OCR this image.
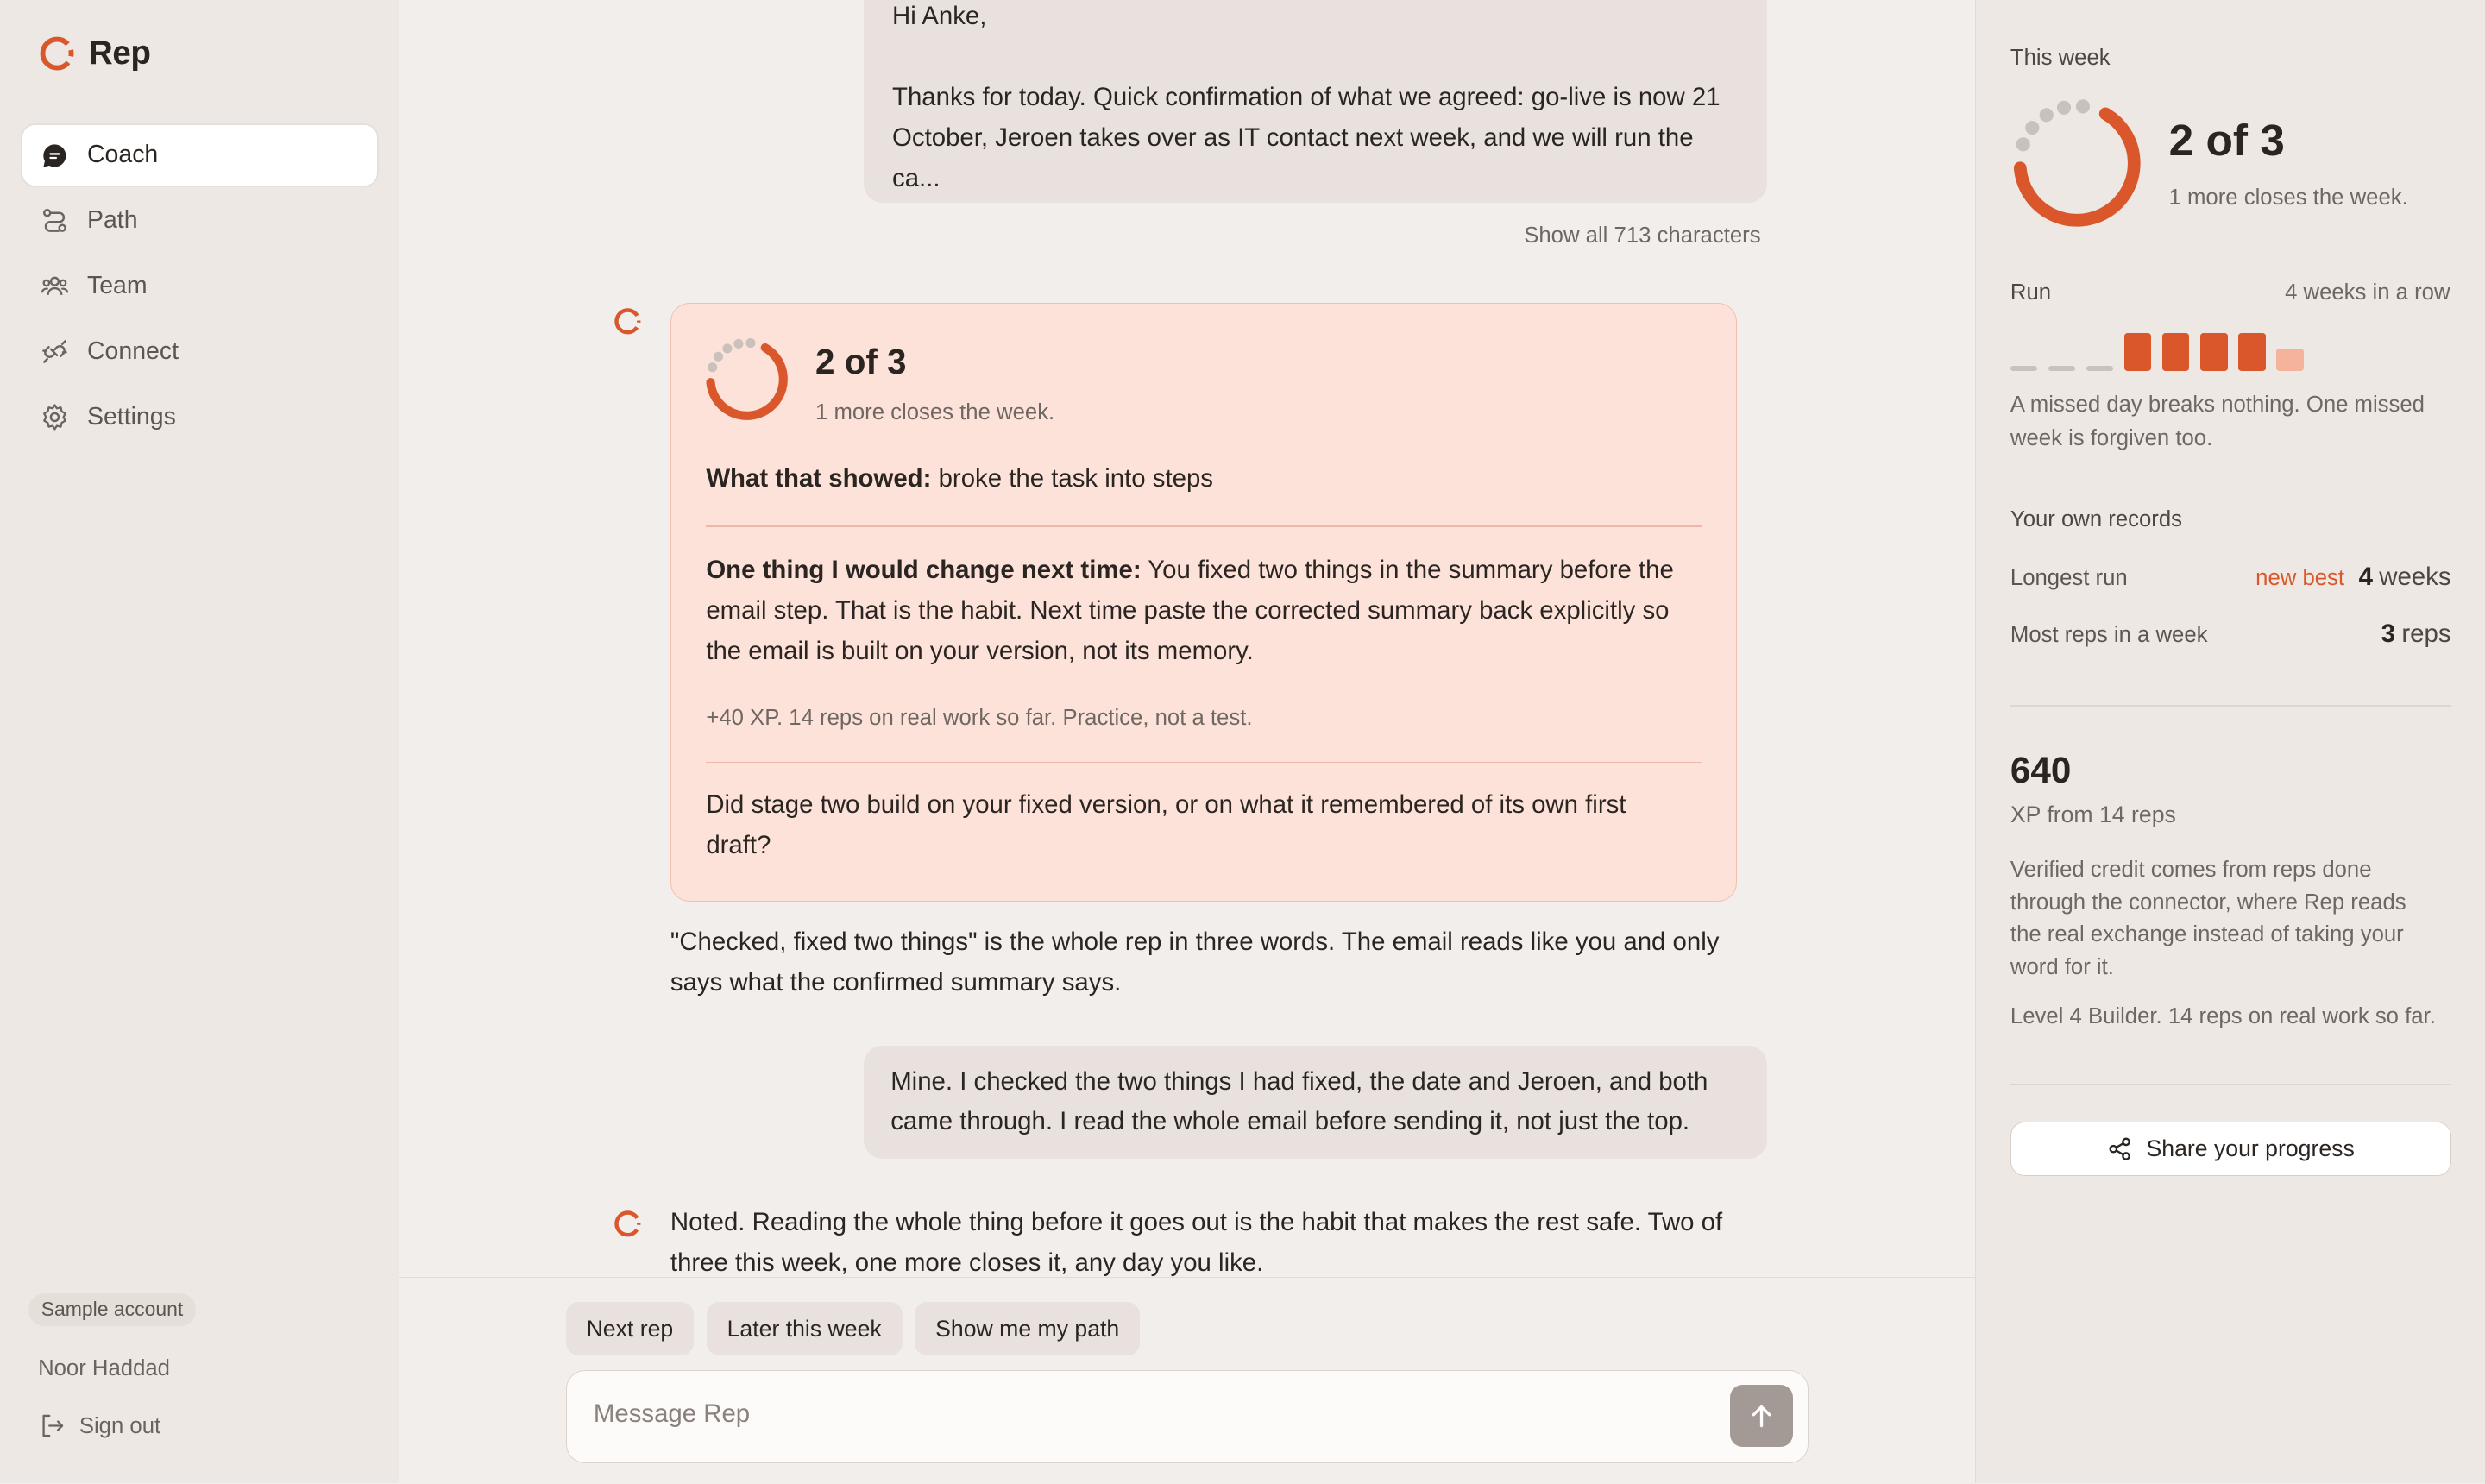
Rep
Coach
Path
Team
Connect
Settings
Sample account
Noor Haddad
Sign out

Hi Anke,

Thanks for today. Quick confirmation of what we agreed: go-live is now 21 October, Jeroen takes over as IT contact next week, and we will run the ca...

Show all 713 characters
2 of 3
1 more closes the week.
What that showed: broke the task into steps
One thing I would change next time: You fixed two things in the summary before the email step. That is the habit. Next time paste the corrected summary back explicitly so the email is built on your version, not its memory.
+40 XP. 14 reps on real work so far. Practice, not a test.
Did stage two build on your fixed version, or on what it remembered of its own first draft?
"Checked, fixed two things" is the whole rep in three words. The email reads like you and only says what the confirmed summary says.
Mine. I checked the two things I had fixed, the date and Jeroen, and both came through. I read the whole email before sending it, not just the top.
Noted. Reading the whole thing before it goes out is the habit that makes the rest safe. Two of three this week, one more closes it, any day you like.
Next rep	Later this week	Show me my path
Message Rep
This week
2 of 3
1 more closes the week.
Run	4 weeks in a row
A missed day breaks nothing. One missed week is forgiven too.
Your own records
Longest run	new best 4 weeks
Most reps in a week	3 reps
640
XP from 14 reps
Verified credit comes from reps done through the connector, where Rep reads the real exchange instead of taking your word for it.
Level 4 Builder. 14 reps on real work so far.
Share your progress
